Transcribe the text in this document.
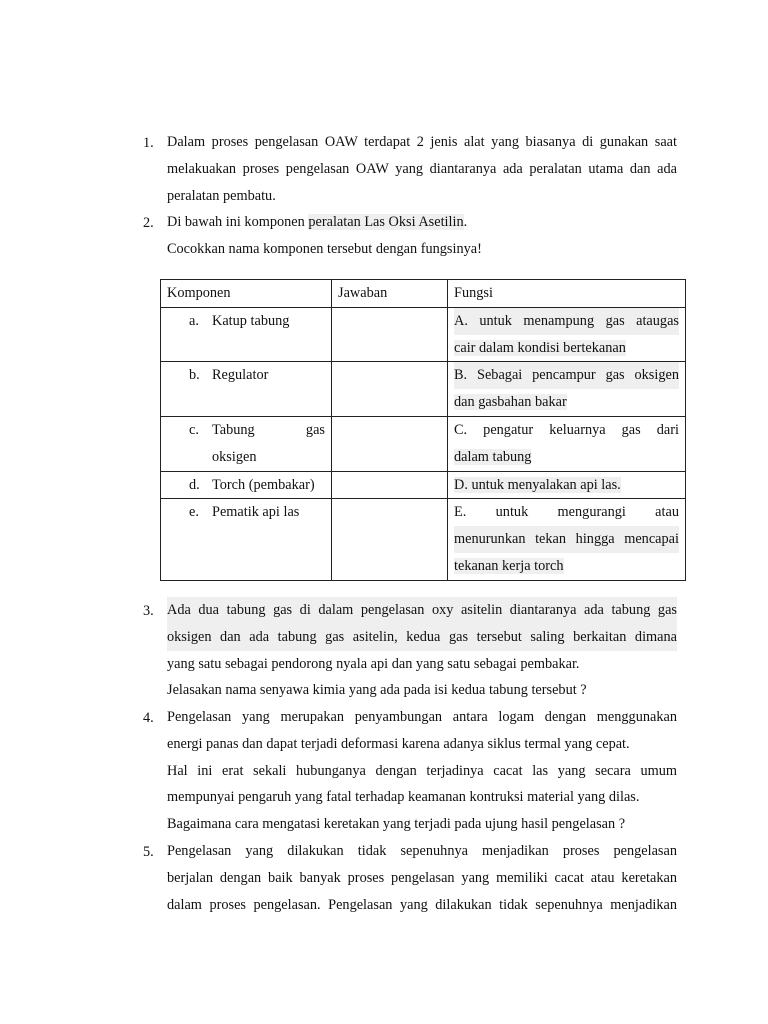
1. Dalam proses pengelasan OAW terdapat 2 jenis alat yang biasanya di gunakan saat
melakuakan proses pengelasan OAW yang diantaranya ada peralatan utama dan ada
peralatan pembatu.
2. Di bawah ini komponen peralatan Las Oksi Asetilin.
Cocokkan nama komponen tersebut dengan fungsinya!
Komponen	Jawaban	Fungsi

a. Katup tabung		A. untuk menampung gas ataugas
cair dalam kondisi bertekanan

b. Regulator		B. Sebagai pencampur gas oksigen
dan gasbahan bakar

c. Tabung gas
oksigen		C. pengatur keluarnya gas dari
dalam tabung

d. Torch (pembakar)		D. untuk menyalakan api las.

e. Pematik api las		E. untuk mengurangi atau
menurunkan tekan hingga mencapai
tekanan kerja torch
3. Ada dua tabung gas di dalam pengelasan oxy asitelin diantaranya ada tabung gas
oksigen dan ada tabung gas asitelin, kedua gas tersebut saling berkaitan dimana
yang satu sebagai pendorong nyala api dan yang satu sebagai pembakar.
Jelasakan nama senyawa kimia yang ada pada isi kedua tabung tersebut ?
4. Pengelasan yang merupakan penyambungan antara logam dengan menggunakan
energi panas dan dapat terjadi deformasi karena adanya siklus termal yang cepat.
Hal ini erat sekali hubunganya dengan terjadinya cacat las yang secara umum
mempunyai pengaruh yang fatal terhadap keamanan kontruksi material yang dilas.
Bagaimana cara mengatasi keretakan yang terjadi pada ujung hasil pengelasan ?
5. Pengelasan yang dilakukan tidak sepenuhnya menjadikan proses pengelasan
berjalan dengan baik banyak proses pengelasan yang memiliki cacat atau keretakan
dalam proses pengelasan. Pengelasan yang dilakukan tidak sepenuhnya menjadikan
